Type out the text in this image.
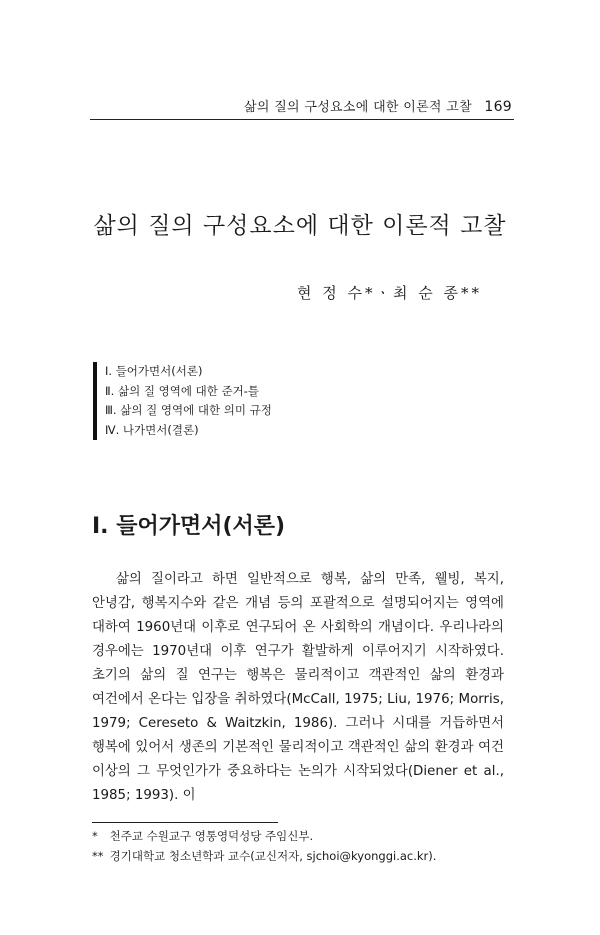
삶의 질의 구성요소에 대한 이론적 고찰 169
삶의 질의 구성요소에 대한 이론적 고찰
현 정 수*ㆍ최 순 종**
Ⅰ. 들어가면서(서론)
Ⅱ. 삶의 질 영역에 대한 준거-틀
Ⅲ. 삶의 질 영역에 대한 의미 규정
Ⅳ. 나가면서(결론)
Ⅰ. 들어가면서(서론)

삶의 질이라고 하면 일반적으로 행복, 삶의 만족, 웰빙, 복지, 안녕감, 행복지수와 같은 개념 등의 포괄적으로 설명되어지는 영역에 대하여 1960년대 이후로 연구되어 온 사회학의 개념이다. 우리나라의 경우에는 1970년대 이후 연구가 활발하게 이루어지기 시작하였다. 초기의 삶의 질 연구는 행복은 물리적이고 객관적인 삶의 환경과 여건에서 온다는 입장을 취하였다(McCall, 1975; Liu, 1976; Morris, 1979; Cereseto & Waitzkin, 1986). 그러나 시대를 거듭하면서 행복에 있어서 생존의 기본적인 물리적이고 객관적인 삶의 환경과 여건 이상의 그 무엇인가가 중요하다는 논의가 시작되었다(Diener et al., 1985; 1993). 이

* 천주교 수원교구 영통영덕성당 주임신부.
** 경기대학교 청소년학과 교수(교신저자, sjchoi@kyonggi.ac.kr).
